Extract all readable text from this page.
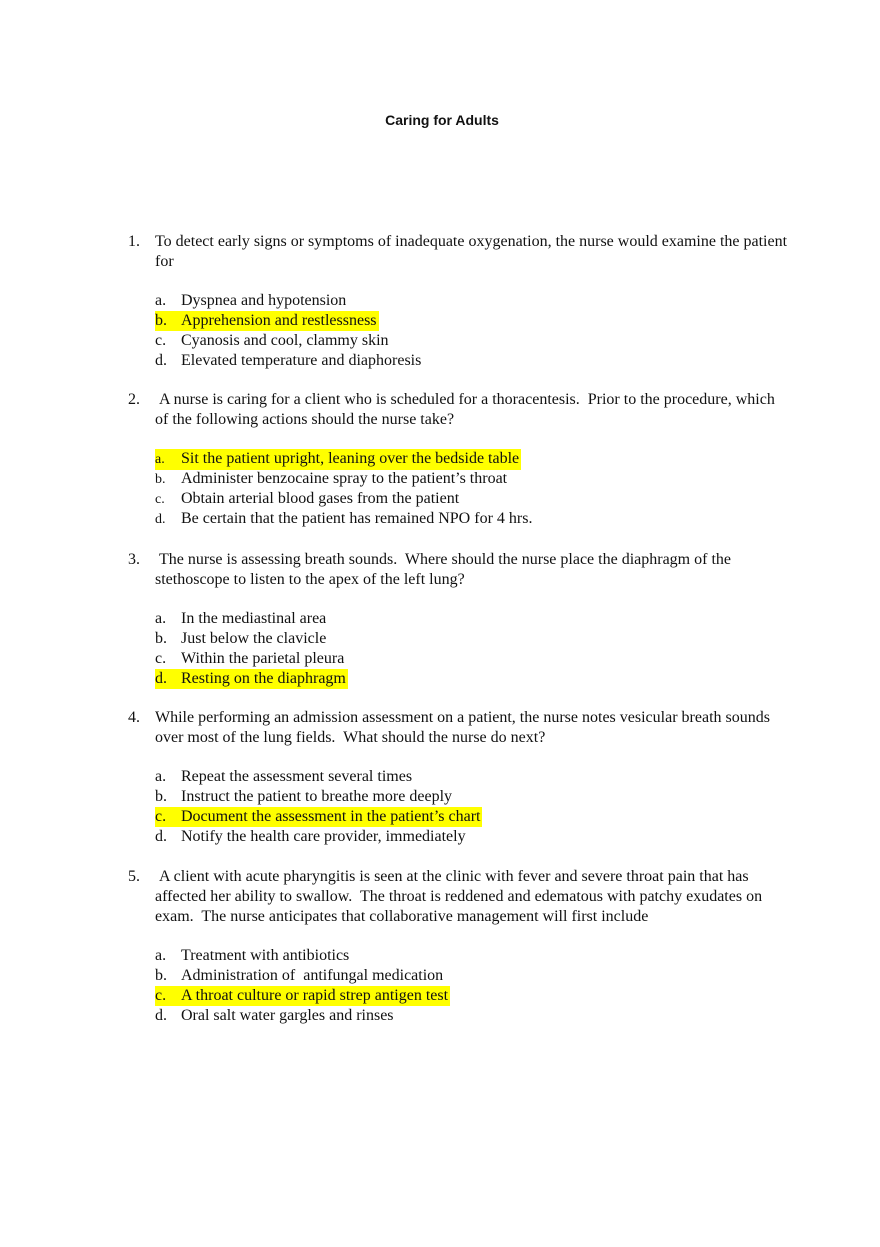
Caring for Adults
1. To detect early signs or symptoms of inadequate oxygenation, the nurse would examine the patient for
a. Dyspnea and hypotension
b. Apprehension and restlessness
c. Cyanosis and cool, clammy skin
d. Elevated temperature and diaphoresis
2. A nurse is caring for a client who is scheduled for a thoracentesis.  Prior to the procedure, which of the following actions should the nurse take?
a. Sit the patient upright, leaning over the bedside table
b. Administer benzocaine spray to the patient’s throat
c. Obtain arterial blood gases from the patient
d. Be certain that the patient has remained NPO for 4 hrs.
3. The nurse is assessing breath sounds.  Where should the nurse place the diaphragm of the stethoscope to listen to the apex of the left lung?
a. In the mediastinal area
b. Just below the clavicle
c. Within the parietal pleura
d. Resting on the diaphragm
4. While performing an admission assessment on a patient, the nurse notes vesicular breath sounds over most of the lung fields.  What should the nurse do next?
a. Repeat the assessment several times
b. Instruct the patient to breathe more deeply
c. Document the assessment in the patient’s chart
d. Notify the health care provider, immediately
5. A client with acute pharyngitis is seen at the clinic with fever and severe throat pain that has affected her ability to swallow.  The throat is reddened and edematous with patchy exudates on exam.  The nurse anticipates that collaborative management will first include
a. Treatment with antibiotics
b. Administration of  antifungal medication
c. A throat culture or rapid strep antigen test
d. Oral salt water gargles and rinses
